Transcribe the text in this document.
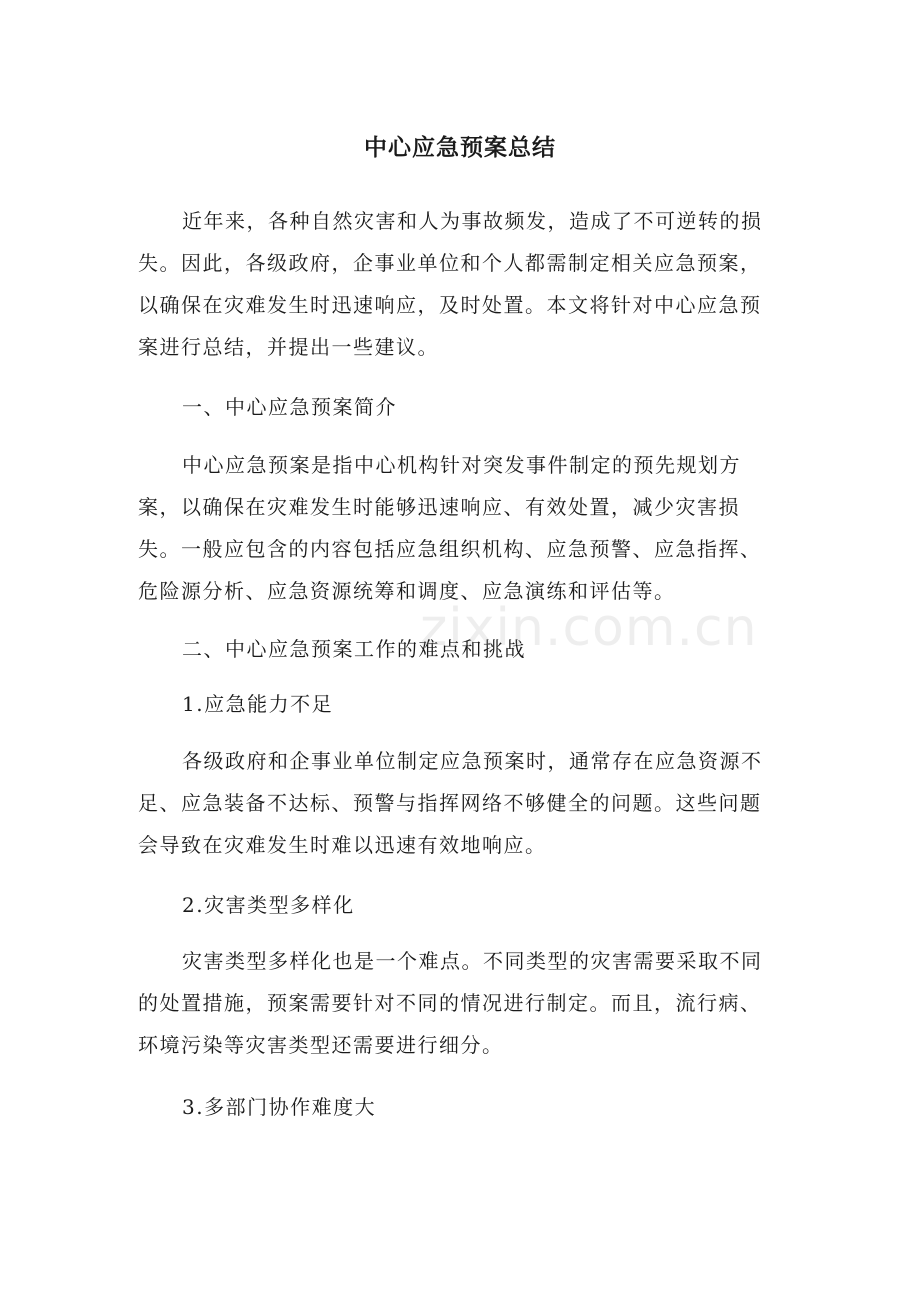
中心应急预案总结

近年来，各种自然灾害和人为事故频发，造成了不可逆转的损失。因此，各级政府，企事业单位和个人都需制定相关应急预案，以确保在灾难发生时迅速响应，及时处置。本文将针对中心应急预案进行总结，并提出一些建议。

一、中心应急预案简介

中心应急预案是指中心机构针对突发事件制定的预先规划方案，以确保在灾难发生时能够迅速响应、有效处置，减少灾害损失。一般应包含的内容包括应急组织机构、应急预警、应急指挥、危险源分析、应急资源统筹和调度、应急演练和评估等。

二、中心应急预案工作的难点和挑战

1.应急能力不足

各级政府和企事业单位制定应急预案时，通常存在应急资源不足、应急装备不达标、预警与指挥网络不够健全的问题。这些问题会导致在灾难发生时难以迅速有效地响应。

2.灾害类型多样化

灾害类型多样化也是一个难点。不同类型的灾害需要采取不同的处置措施，预案需要针对不同的情况进行制定。而且，流行病、环境污染等灾害类型还需要进行细分。

3.多部门协作难度大

zixin.com.cn
